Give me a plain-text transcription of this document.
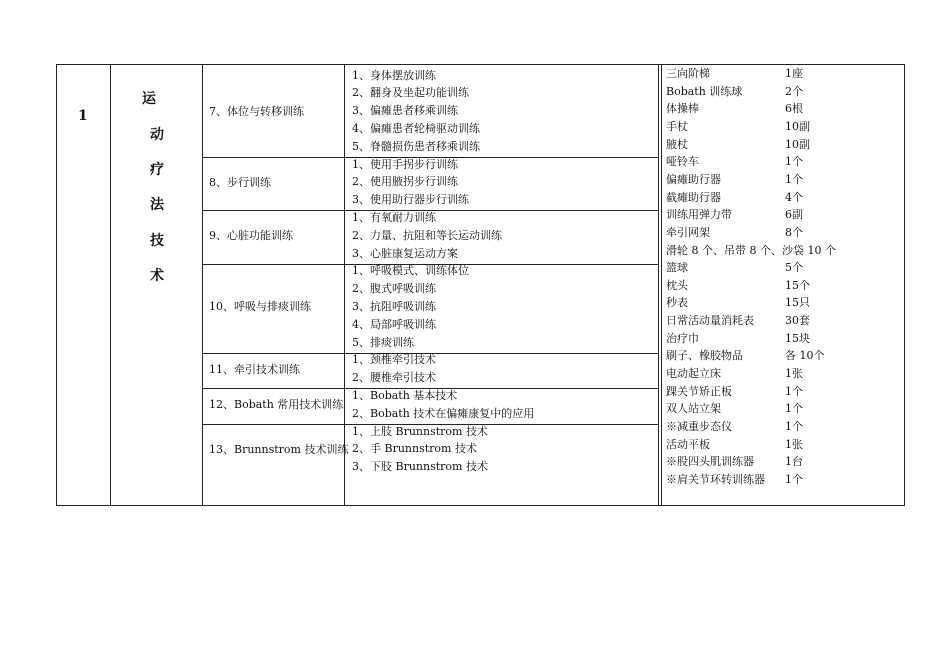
1
运
动
疗
法
技
术
7、体位与转移训练
1、身体摆放训练
2、翻身及坐起功能训练
3、偏瘫患者移乘训练
4、偏瘫患者轮椅驱动训练
5、脊髓损伤患者移乘训练
8、步行训练
1、使用手拐步行训练
2、使用腋拐步行训练
3、使用助行器步行训练
9、心脏功能训练
1、有氧耐力训练
2、力量、抗阻和等长运动训练
3、心脏康复运动方案
10、呼吸与排痰训练
1、呼吸模式、训练体位
2、腹式呼吸训练
3、抗阻呼吸训练
4、局部呼吸训练
5、排痰训练
11、牵引技术训练
1、颈椎牵引技术
2、腰椎牵引技术
12、Bobath 常用技术训练
1、Bobath 基本技术
2、Bobath 技术在偏瘫康复中的应用
13、Brunnstrom 技术训练
1、上肢 Brunnstrom 技术
2、手 Brunnstrom 技术
3、下肢 Brunnstrom 技术
三向阶梯	1座
Bobath 训练球	2个
体操棒	6根
手杖	10副
腋杖	10副
哑铃车	1个
偏瘫助行器	1个
截瘫助行器	4个
训练用弹力带	6副
牵引网架	8个
滑轮 8 个、吊带 8 个、沙袋 10 个
篮球	5个
枕头	15个
秒表	15只
日常活动量消耗表	30套
治疗巾	15块
刷子、橡胶物品	各 10个
电动起立床	1张
踝关节矫正板	1个
双人站立架	1个
※减重步态仪	1个
活动平板	1张
※股四头肌训练器	1台
※肩关节环转训练器 1个
